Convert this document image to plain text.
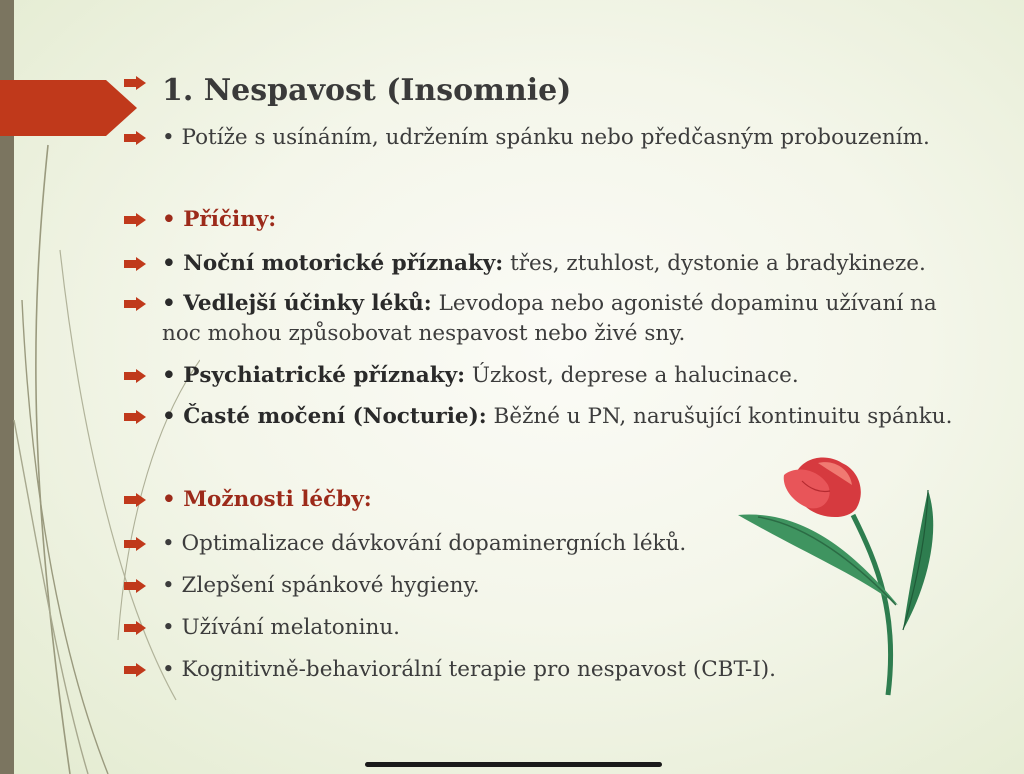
1. Nespavost (Insomnie)
• Potíže s usínáním, udržením spánku nebo předčasným probouzením.
• Příčiny:
• Noční motorické příznaky: třes, ztuhlost, dystonie a bradykineze.
• Vedlejší účinky léků: Levodopa nebo agonisté dopaminu užívaní na
noc mohou způsobovat nespavost nebo živé sny.
• Psychiatrické příznaky: Úzkost, deprese a halucinace.
• Časté močení (Nocturie): Běžné u PN, narušující kontinuitu spánku.
• Možnosti léčby:
• Optimalizace dávkování dopaminergních léků.
• Zlepšení spánkové hygieny.
• Užívání melatoninu.
• Kognitivně-behaviorální terapie pro nespavost (CBT-I).
